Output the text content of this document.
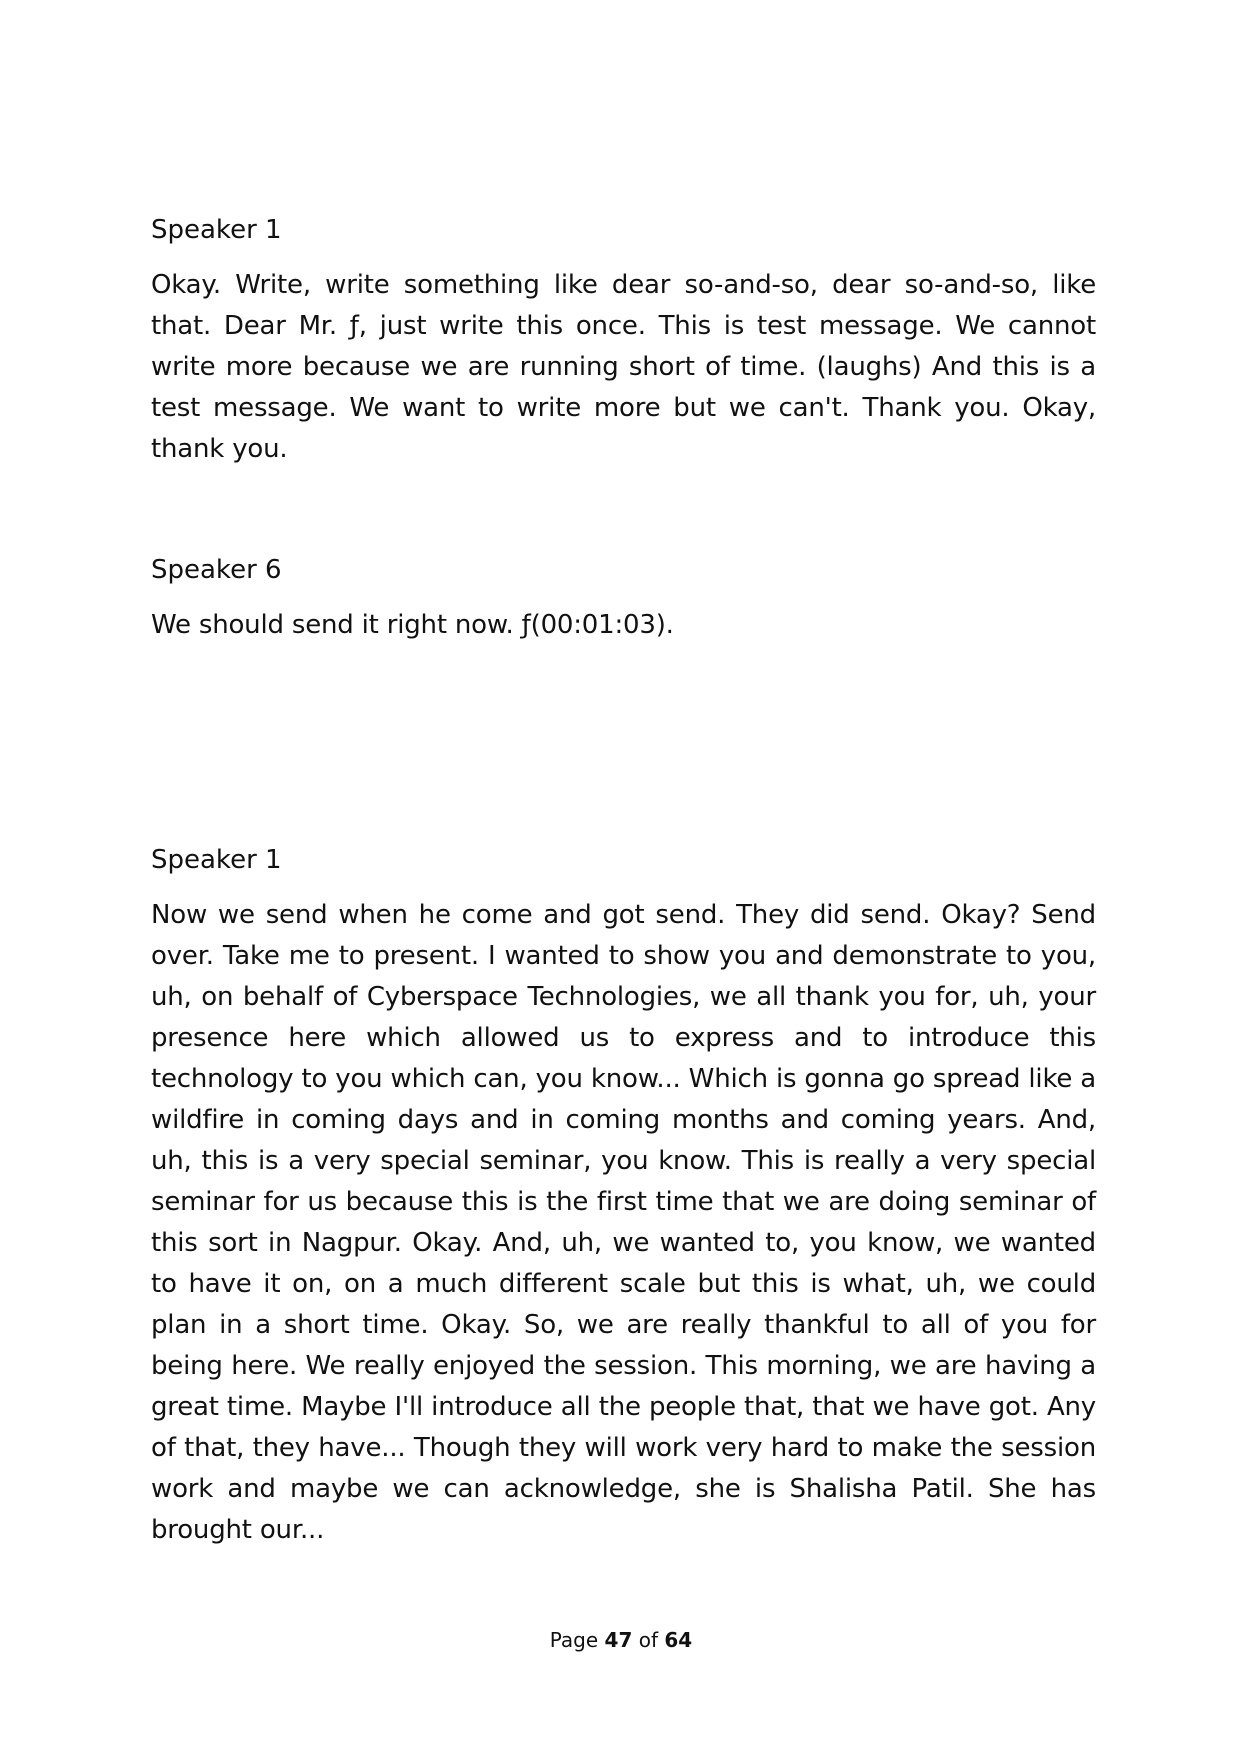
Speaker 1

Okay. Write, write something like dear so-and-so, dear so-and-so, like that. Dear Mr. ƒ, just write this once. This is test message. We cannot write more because we are running short of time. (laughs) And this is a test message. We want to write more but we can't. Thank you. Okay, thank you.

Speaker 6

We should send it right now. ƒ(00:01:03).

Speaker 1

Now we send when he come and got send. They did send. Okay? Send over. Take me to present. I wanted to show you and demonstrate to you, uh, on behalf of Cyberspace Technologies, we all thank you for, uh, your presence here which allowed us to express and to introduce this technology to you which can, you know... Which is gonna go spread like a wildfire in coming days and in coming months and coming years. And, uh, this is a very special seminar, you know. This is really a very special seminar for us because this is the first time that we are doing seminar of this sort in Nagpur. Okay. And, uh, we wanted to, you know, we wanted to have it on, on a much different scale but this is what, uh, we could plan in a short time. Okay. So, we are really thankful to all of you for being here. We really enjoyed the session. This morning, we are having a great time. Maybe I'll introduce all the people that, that we have got. Any of that, they have... Though they will work very hard to make the session work and maybe we can acknowledge, she is Shalisha Patil. She has brought our...

Page 47 of 64
